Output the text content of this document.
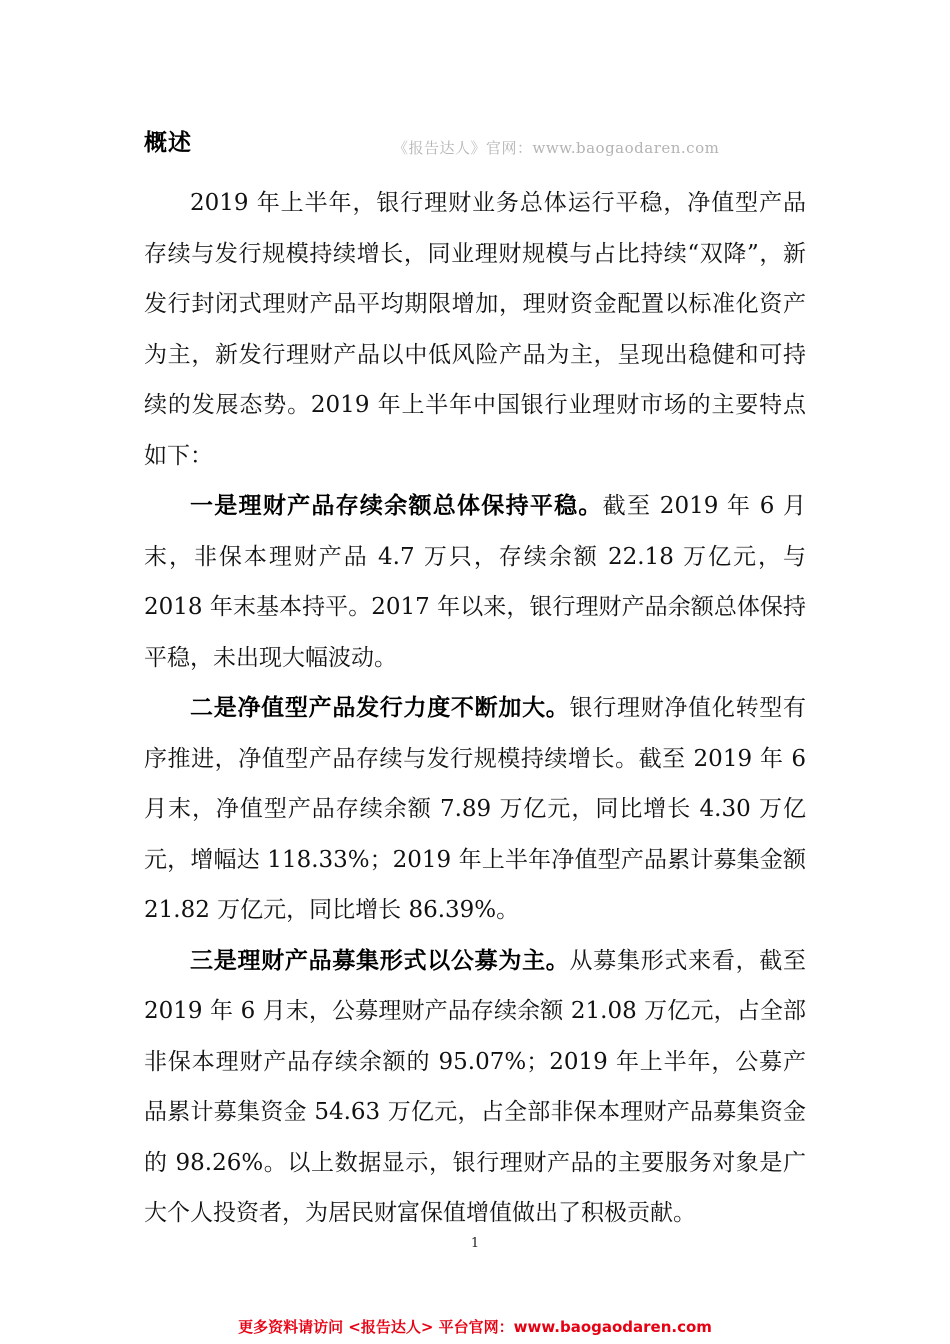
概述	《报告达人》官网：www.baogaodaren.com

2019 年上半年，银行理财业务总体运行平稳，净值型产品存续与发行规模持续增长，同业理财规模与占比持续“双降”，新发行封闭式理财产品平均期限增加，理财资金配置以标准化资产为主，新发行理财产品以中低风险产品为主，呈现出稳健和可持续的发展态势。2019 年上半年中国银行业理财市场的主要特点如下：

一是理财产品存续余额总体保持平稳。截至 2019 年 6 月末，非保本理财产品 4.7 万只，存续余额 22.18 万亿元，与 2018 年末基本持平。2017 年以来，银行理财产品余额总体保持平稳，未出现大幅波动。

二是净值型产品发行力度不断加大。银行理财净值化转型有序推进，净值型产品存续与发行规模持续增长。截至 2019 年 6 月末，净值型产品存续余额 7.89 万亿元，同比增长 4.30 万亿元，增幅达 118.33%；2019 年上半年净值型产品累计募集金额 21.82 万亿元，同比增长 86.39%。

三是理财产品募集形式以公募为主。从募集形式来看，截至 2019 年 6 月末，公募理财产品存续余额 21.08 万亿元，占全部非保本理财产品存续余额的 95.07%；2019 年上半年，公募产品累计募集资金 54.63 万亿元，占全部非保本理财产品募集资金的 98.26%。以上数据显示，银行理财产品的主要服务对象是广大个人投资者，为居民财富保值增值做出了积极贡献。

1
更多资料请访问 <报告达人> 平台官网：www.baogaodaren.com
